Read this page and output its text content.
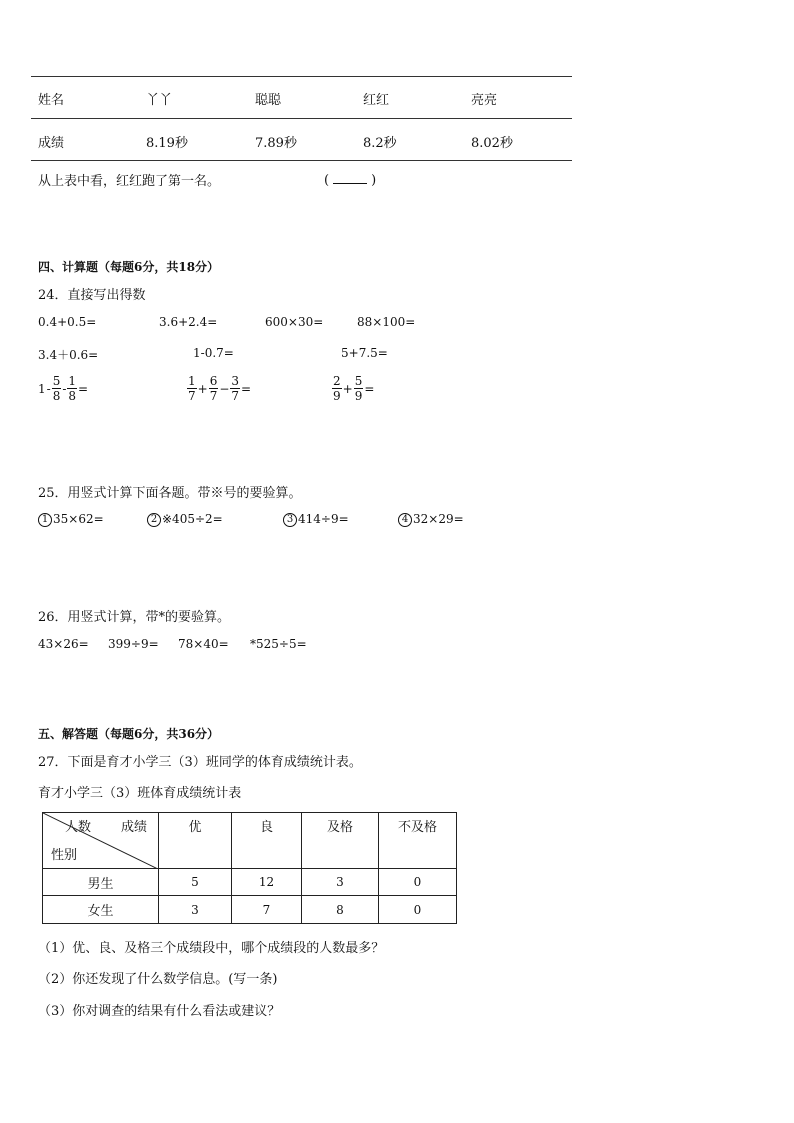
姓名	丫丫	聪聪	红红	亮亮
成绩	8.19秒	7.89秒	8.2秒	8.02秒
从上表中看，红红跑了第一名。	(	)
四、计算题（每题6分，共18分）
24．直接写出得数
0.4+0.5=	3.6+2.4=	600×30=	88×100=
3.4＋0.6=	1-0.7=	5+7.5=
$1 - \frac{5}{8} - \frac{1}{8}$ =	$\frac{1}{7} + \frac{6}{7} - \frac{3}{7}$ =	$\frac{2}{9} + \frac{5}{9}$ =
25．用竖式计算下面各题。带※号的要验算。
1 35×62=	2 ※405÷2=	3 414÷9=	4 32×29=
26．用竖式计算，带*的要验算。
43×26= 399÷9= 78×40= *525÷5=
五、解答题（每题6分，共36分）
27．下面是育才小学三（3）班同学的体育成绩统计表。
育才小学三（3）班体育成绩统计表
人数 成绩
性别	优	良	及格	不及格
男生	5	12	3	0
女生	3	7	8	0
（1）优、良、及格三个成绩段中，哪个成绩段的人数最多？
（2）你还发现了什么数学信息。(写一条)
（3）你对调查的结果有什么看法或建议？
